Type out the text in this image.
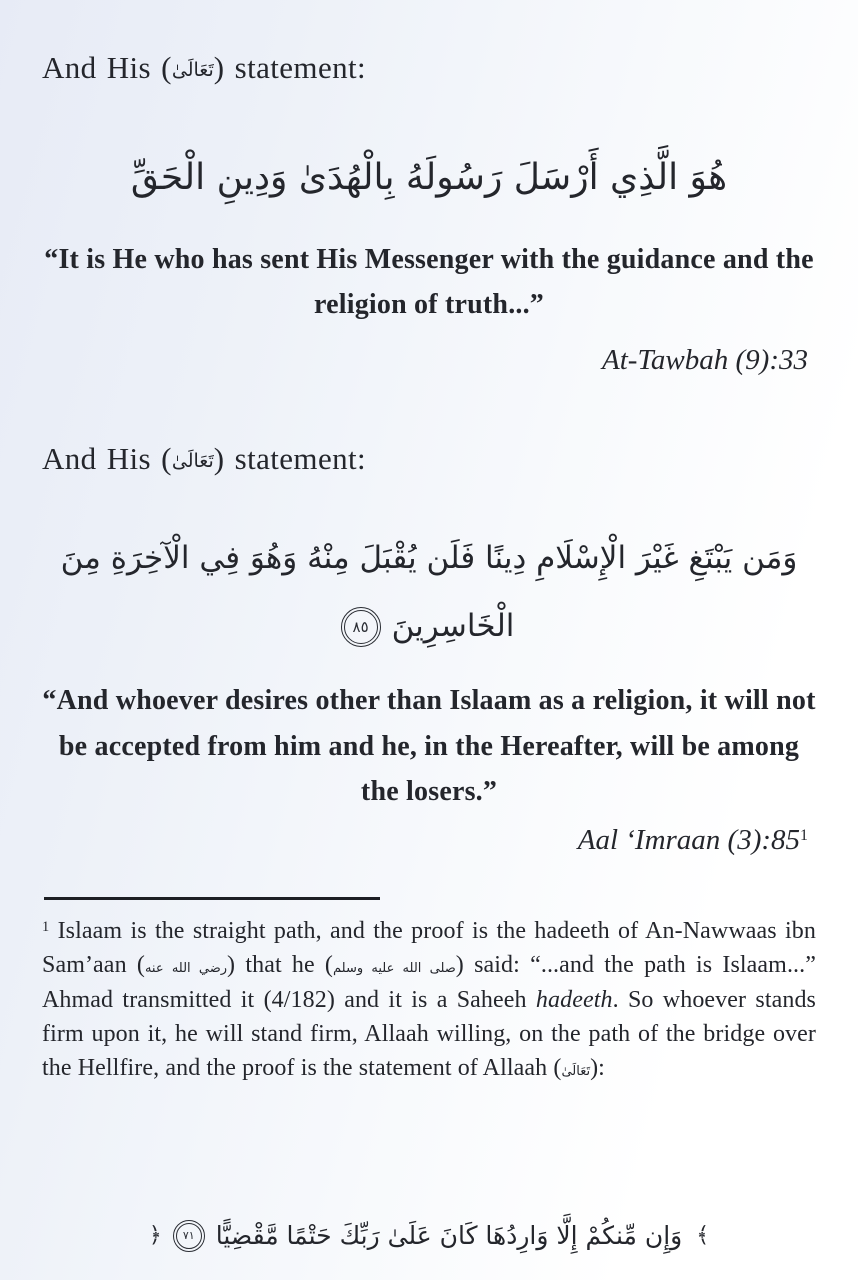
And His (تَعَالَىٰ) statement:
هُوَ الَّذِي أَرْسَلَ رَسُولَهُ بِالْهُدَىٰ وَدِينِ الْحَقِّ
“It is He who has sent His Messenger with the guidance and the religion of truth...”
At-Tawbah (9):33
And His (تَعَالَىٰ) statement:
وَمَن يَبْتَغِ غَيْرَ الْإِسْلَامِ دِينًا فَلَن يُقْبَلَ مِنْهُ وَهُوَ فِي الْآخِرَةِ مِنَ
٨٥ الْخَاسِرِينَ
“And whoever desires other than Islaam as a religion, it will not be accepted from him and he, in the Hereafter, will be among the losers.”
Aal ‘Imraan $(3):85^1$
$^1$ Islaam is the straight path, and the proof is the hadeeth of An-Nawwaas ibn Sam’aan (رضي الله عنه) that he (صلى الله عليه وسلم) said: “...and the path is Islaam...” Ahmad transmitted it (4/182) and it is a Saheeh hadeeth. So whoever stands firm upon it, he will stand firm, Allaah willing, on the path of the bridge over the Hellfire, and the proof is the statement of Allaah (تَعَالَىٰ):
﴿	٧١ وَإِن مِّنكُمْ إِلَّا وَارِدُهَا كَانَ عَلَىٰ رَبِّكَ حَتْمًا مَّقْضِيًّا ﴾
